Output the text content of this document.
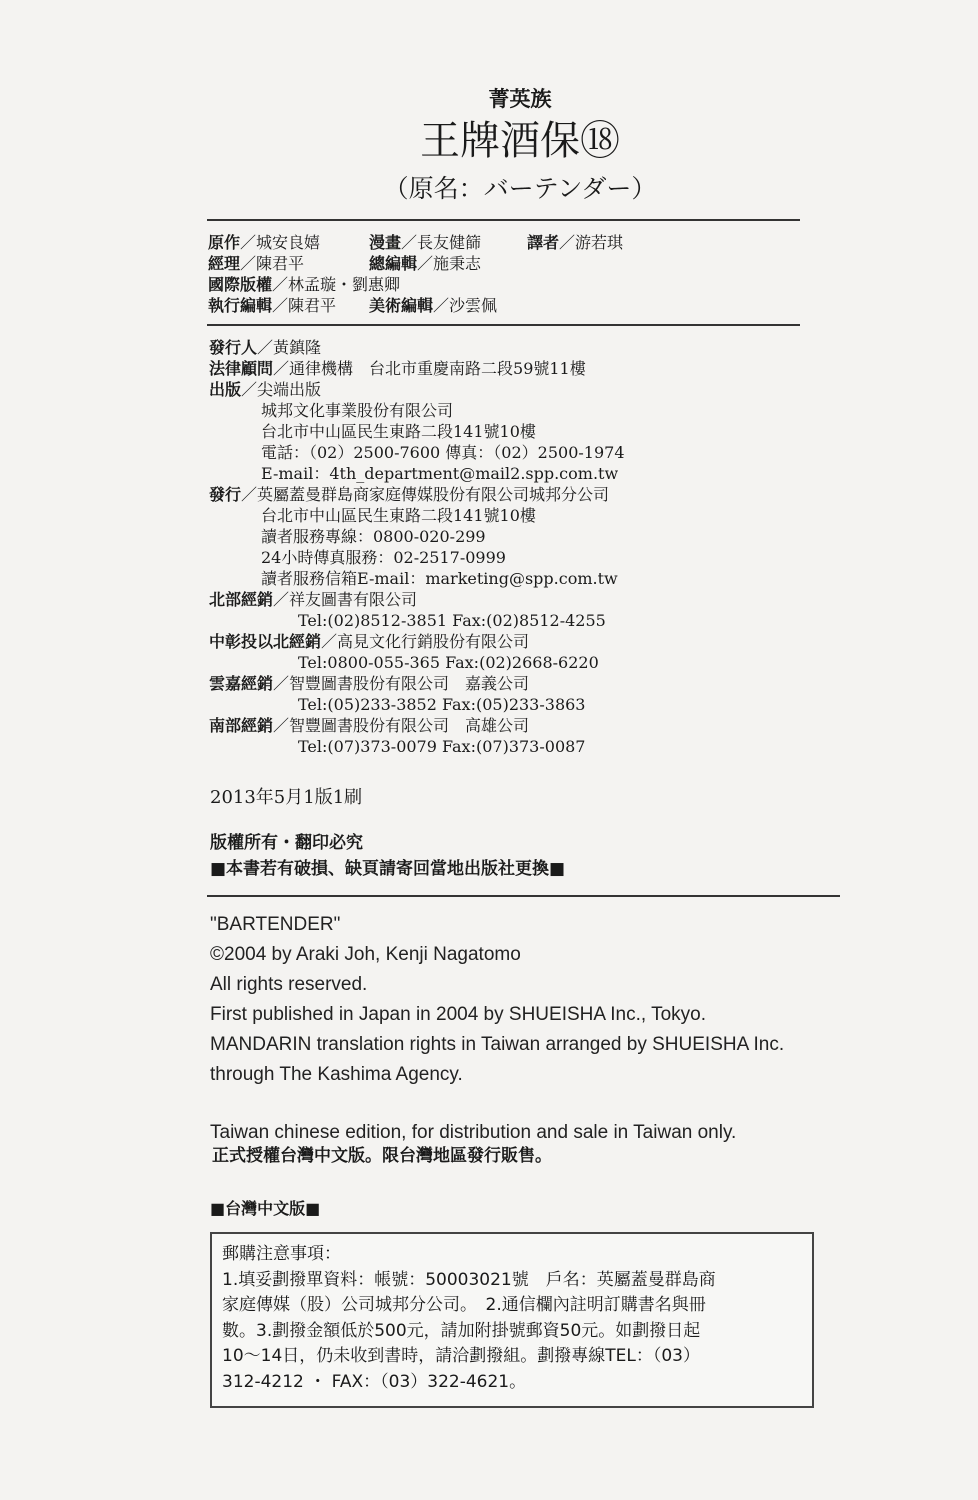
菁英族
王牌酒保⑱
（原名：バーテンダー）
原作／城安良嬉	漫畫／長友健篩	譯者／游若琪
經理／陳君平	總編輯／施秉志
國際版權／林孟璇・劉惠卿
執行編輯／陳君平 美術編輯／沙雲佩
發行人／黃鎮隆
法律顧問／通律機構　台北市重慶南路二段59號11樓
出版／尖端出版
城邦文化事業股份有限公司
台北市中山區民生東路二段141號10樓
電話：（02）2500-7600 傳真：（02）2500-1974
E-mail：4th_department@mail2.spp.com.tw
發行／英屬蓋曼群島商家庭傳媒股份有限公司城邦分公司
台北市中山區民生東路二段141號10樓
讀者服務專線：0800-020-299
24小時傳真服務：02-2517-0999
讀者服務信箱E-mail：marketing@spp.com.tw
北部經銷／祥友圖書有限公司
Tel:(02)8512-3851 Fax:(02)8512-4255
中彰投以北經銷／高見文化行銷股份有限公司
Tel:0800-055-365 Fax:(02)2668-6220
雲嘉經銷／智豐圖書股份有限公司　嘉義公司
Tel:(05)233-3852 Fax:(05)233-3863
南部經銷／智豐圖書股份有限公司　高雄公司
Tel:(07)373-0079 Fax:(07)373-0087
2013年5月1版1刷
版權所有・翻印必究
■本書若有破損、缺頁請寄回當地出版社更換■
"BARTENDER"
©2004 by Araki Joh, Kenji Nagatomo
All rights reserved.
First published in Japan in 2004 by SHUEISHA Inc., Tokyo.
MANDARIN translation rights in Taiwan arranged by SHUEISHA Inc.
through The Kashima Agency.
Taiwan chinese edition, for distribution and sale in Taiwan only.
正式授權台灣中文版。限台灣地區發行販售。
■台灣中文版■
郵購注意事項：
1.填妥劃撥單資料：帳號：50003021號　戶名：英屬蓋曼群島商
家庭傳媒（股）公司城邦分公司。　2.通信欄內註明訂購書名與冊
數。3.劃撥金額低於500元，請加附掛號郵資50元。如劃撥日起
10～14日，仍未收到書時，請洽劃撥組。劃撥專線TEL：（03）
312-4212 ・ FAX：（03）322-4621。
